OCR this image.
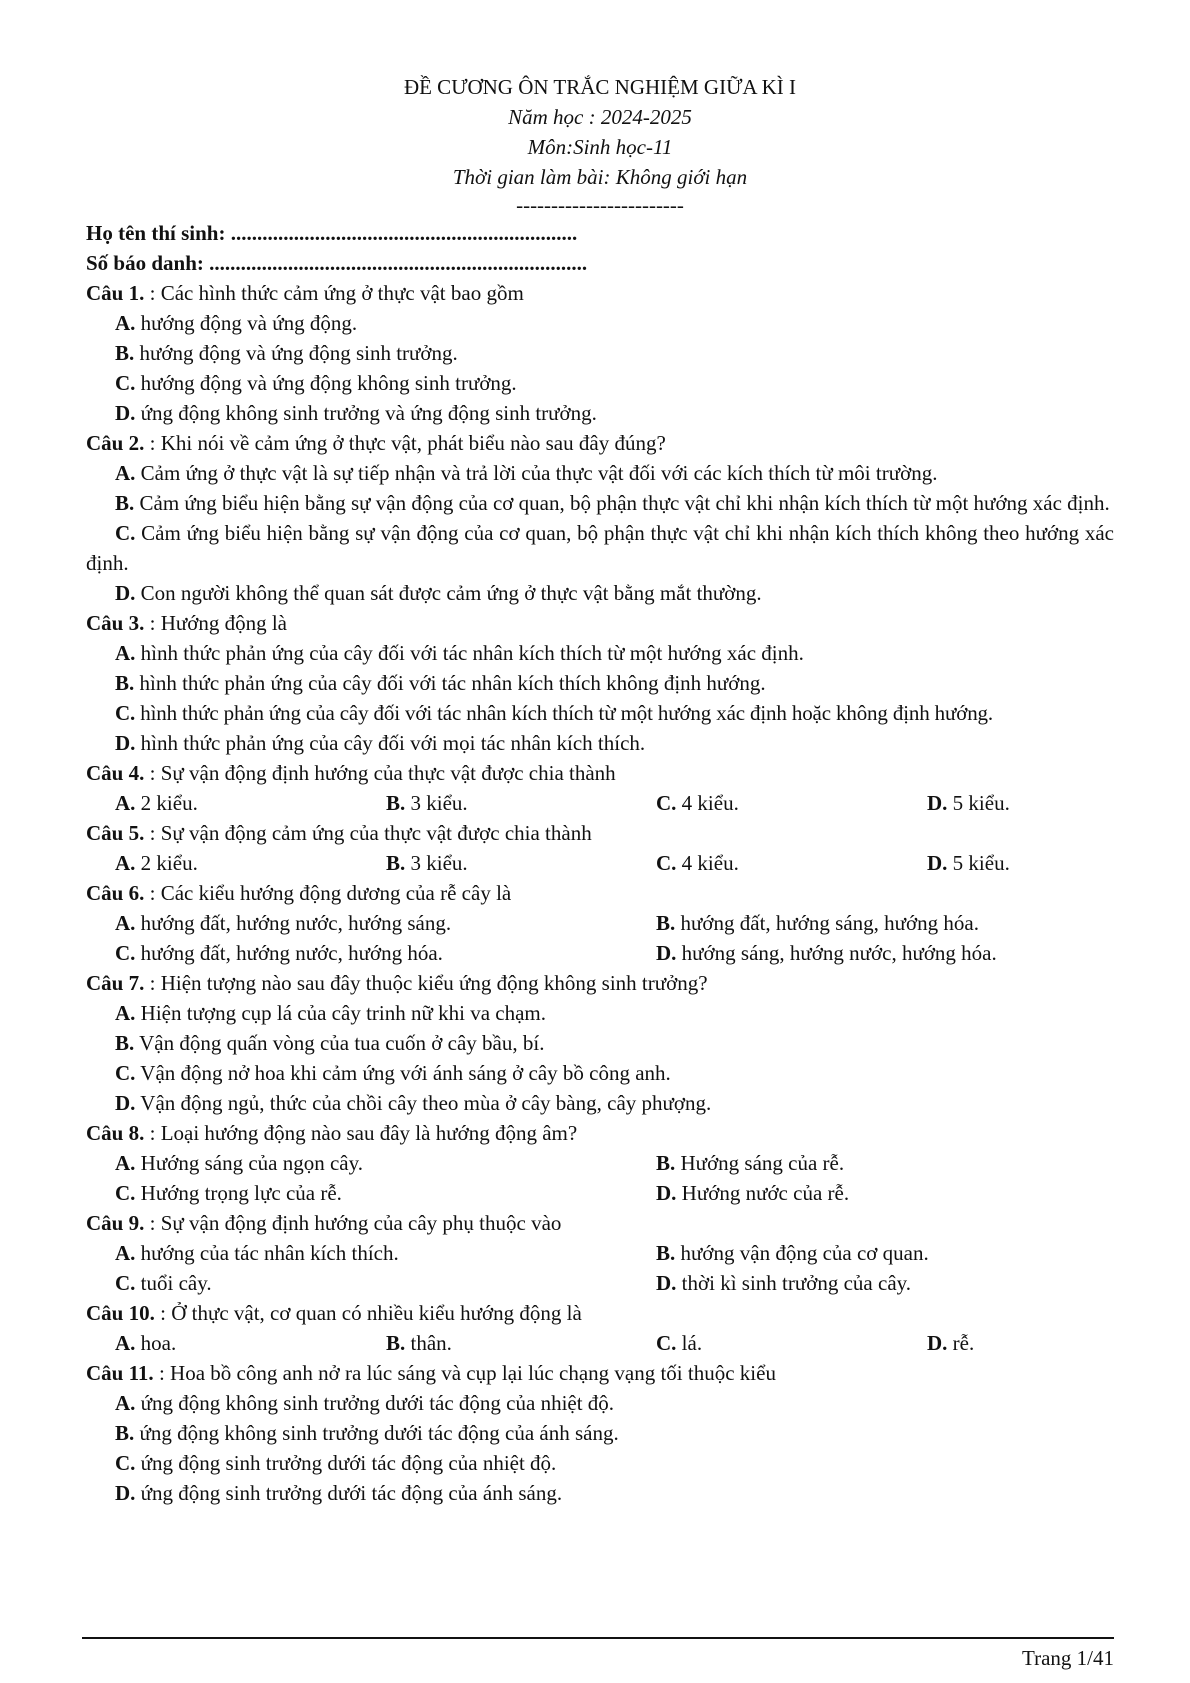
ĐỀ CƯƠNG ÔN TRẮC NGHIỆM GIỮA KÌ I
Năm học : 2024-2025
Môn:Sinh học-11
Thời gian làm bài: Không giới hạn
------------------------
Họ tên thí sinh: ..................................................................
Số báo danh: ........................................................................
Câu 1. : Các hình thức cảm ứng ở thực vật bao gồm
A. hướng động và ứng động.
B. hướng động và ứng động sinh trưởng.
C. hướng động và ứng động không sinh trưởng.
D. ứng động không sinh trưởng và ứng động sinh trưởng.
Câu 2. : Khi nói về cảm ứng ở thực vật, phát biểu nào sau đây đúng?
A. Cảm ứng ở thực vật là sự tiếp nhận và trả lời của thực vật đối với các kích thích từ môi trường.
B. Cảm ứng biểu hiện bằng sự vận động của cơ quan, bộ phận thực vật chỉ khi nhận kích thích từ một hướng xác định.
C. Cảm ứng biểu hiện bằng sự vận động của cơ quan, bộ phận thực vật chỉ khi nhận kích thích không theo hướng xác định.
D. Con người không thể quan sát được cảm ứng ở thực vật bằng mắt thường.
Câu 3. : Hướng động là
A. hình thức phản ứng của cây đối với tác nhân kích thích từ một hướng xác định.
B. hình thức phản ứng của cây đối với tác nhân kích thích không định hướng.
C. hình thức phản ứng của cây đối với tác nhân kích thích từ một hướng xác định hoặc không định hướng.
D. hình thức phản ứng của cây đối với mọi tác nhân kích thích.
Câu 4. : Sự vận động định hướng của thực vật được chia thành
A. 2 kiểu.	B. 3 kiểu.	C. 4 kiểu.	D. 5 kiểu.
Câu 5. : Sự vận động cảm ứng của thực vật được chia thành
A. 2 kiểu.	B. 3 kiểu.	C. 4 kiểu.	D. 5 kiểu.
Câu 6. : Các kiểu hướng động dương của rễ cây là
A. hướng đất, hướng nước, hướng sáng.	B. hướng đất, hướng sáng, hướng hóa.
C. hướng đất, hướng nước, hướng hóa.	D. hướng sáng, hướng nước, hướng hóa.
Câu 7. : Hiện tượng nào sau đây thuộc kiểu ứng động không sinh trưởng?
A. Hiện tượng cụp lá của cây trinh nữ khi va chạm.
B. Vận động quấn vòng của tua cuốn ở cây bầu, bí.
C. Vận động nở hoa khi cảm ứng với ánh sáng ở cây bồ công anh.
D. Vận động ngủ, thức của chồi cây theo mùa ở cây bàng, cây phượng.
Câu 8. : Loại hướng động nào sau đây là hướng động âm?
A. Hướng sáng của ngọn cây.	B. Hướng sáng của rễ.
C. Hướng trọng lực của rễ.	D. Hướng nước của rễ.
Câu 9. : Sự vận động định hướng của cây phụ thuộc vào
A. hướng của tác nhân kích thích.	B. hướng vận động của cơ quan.
C. tuổi cây.	D. thời kì sinh trưởng của cây.
Câu 10. : Ở thực vật, cơ quan có nhiều kiểu hướng động là
A. hoa.	B. thân.	C. lá.	D. rễ.
Câu 11. : Hoa bồ công anh nở ra lúc sáng và cụp lại lúc chạng vạng tối thuộc kiểu
A. ứng động không sinh trưởng dưới tác động của nhiệt độ.
B. ứng động không sinh trưởng dưới tác động của ánh sáng.
C. ứng động sinh trưởng dưới tác động của nhiệt độ.
D. ứng động sinh trưởng dưới tác động của ánh sáng.
Trang 1/41
